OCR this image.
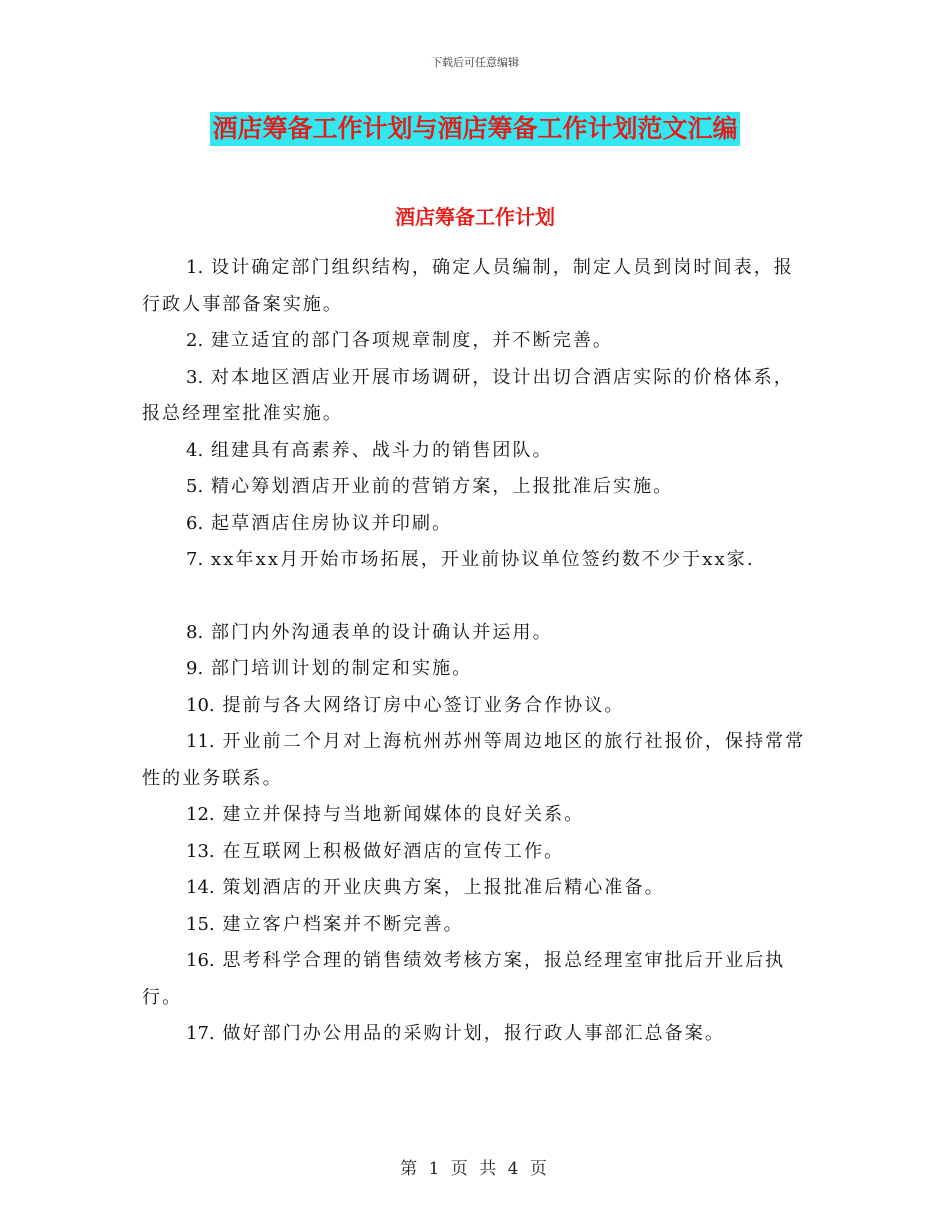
下载后可任意编辑
酒店筹备工作计划与酒店筹备工作计划范文汇编
酒店筹备工作计划
1. 设计确定部门组织结构，确定人员编制，制定人员到岗时间表，报行政人事部备案实施。
2. 建立适宜的部门各项规章制度，并不断完善。
3. 对本地区酒店业开展市场调研，设计出切合酒店实际的价格体系，报总经理室批准实施。
4. 组建具有高素养、战斗力的销售团队。
5. 精心筹划酒店开业前的营销方案，上报批准后实施。
6. 起草酒店住房协议并印刷。
7. xx年xx月开始市场拓展，开业前协议单位签约数不少于xx家.
8. 部门内外沟通表单的设计确认并运用。
9. 部门培训计划的制定和实施。
10. 提前与各大网络订房中心签订业务合作协议。
11. 开业前二个月对上海杭州苏州等周边地区的旅行社报价，保持常常性的业务联系。
12. 建立并保持与当地新闻媒体的良好关系。
13. 在互联网上积极做好酒店的宣传工作。
14. 策划酒店的开业庆典方案，上报批准后精心准备。
15. 建立客户档案并不断完善。
16. 思考科学合理的销售绩效考核方案，报总经理室审批后开业后执行。
17. 做好部门办公用品的采购计划，报行政人事部汇总备案。
第 1 页 共 4 页
